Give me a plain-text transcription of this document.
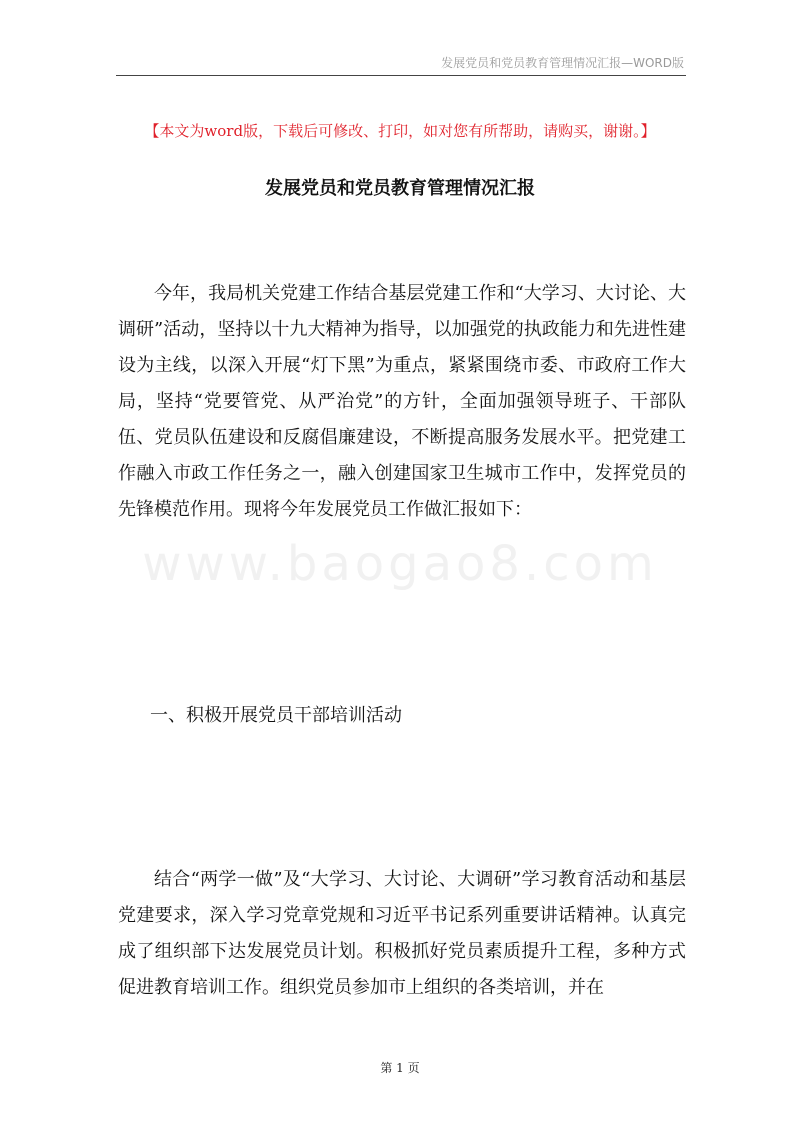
发展党员和党员教育管理情况汇报—WORD版
【本文为word版，下载后可修改、打印，如对您有所帮助，请购买，谢谢。】
发展党员和党员教育管理情况汇报
www.baogao8.com

今年，我局机关党建工作结合基层党建工作和“大学习、大讨论、大调研”活动，坚持以十九大精神为指导，以加强党的执政能力和先进性建设为主线，以深入开展“灯下黑”为重点，紧紧围绕市委、市政府工作大局，坚持“党要管党、从严治党”的方针，全面加强领导班子、干部队伍、党员队伍建设和反腐倡廉建设，不断提高服务发展水平。把党建工作融入市政工作任务之一，融入创建国家卫生城市工作中，发挥党员的先锋模范作用。现将今年发展党员工作做汇报如下：

一、积极开展党员干部培训活动

结合“两学一做”及“大学习、大讨论、大调研”学习教育活动和基层党建要求，深入学习党章党规和习近平书记系列重要讲话精神。认真完成了组织部下达发展党员计划。积极抓好党员素质提升工程，多种方式促进教育培训工作。组织党员参加市上组织的各类培训，并在

第 1 页
